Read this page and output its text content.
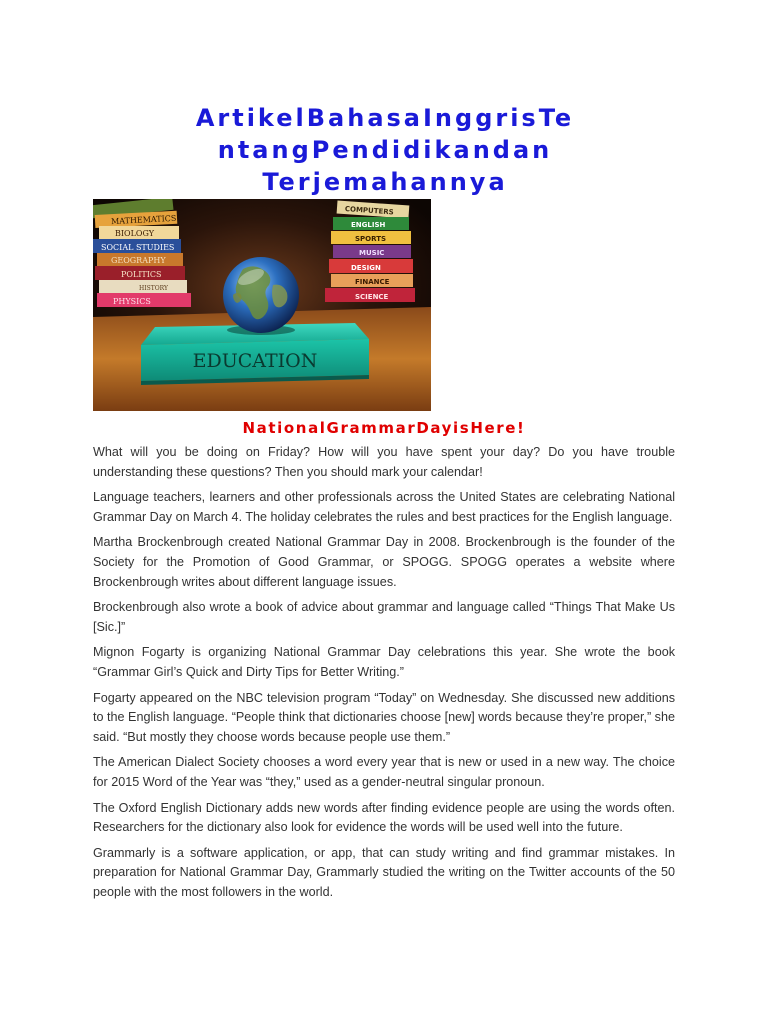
ArtikelBahasaInggrisTe
ntangPendidikandan
Terjemahannya
MATHEMATICS
BIOLOGY
SOCIAL STUDIES
GEOGRAPHY
POLITICS
HISTORY
PHYSICS
COMPUTERS
ENGLISH
SPORTS
MUSIC
DESIGN
FINANCE
SCIENCE
EDUCATION
NationalGrammarDayisHere!

What will you be doing on Friday? How will you have spent your day? Do you have trouble understanding these questions? Then you should mark your calendar!

Language teachers, learners and other professionals across the United States are celebrating National Grammar Day on March 4. The holiday celebrates the rules and best practices for the English language.

Martha Brockenbrough created National Grammar Day in 2008. Brockenbrough is the founder of the Society for the Promotion of Good Grammar, or SPOGG. SPOGG operates a website where Brockenbrough writes about different language issues.

Brockenbrough also wrote a book of advice about grammar and language called “Things That Make Us [Sic.]”

Mignon Fogarty is organizing National Grammar Day celebrations this year. She wrote the book “Grammar Girl’s Quick and Dirty Tips for Better Writing.”

Fogarty appeared on the NBC television program “Today” on Wednesday. She discussed new additions to the English language. “People think that dictionaries choose [new] words because they’re proper,” she said. “But mostly they choose words because people use them.”

The American Dialect Society chooses a word every year that is new or used in a new way. The choice for 2015 Word of the Year was “they,” used as a gender-neutral singular pronoun.

The Oxford English Dictionary adds new words after finding evidence people are using the words often. Researchers for the dictionary also look for evidence the words will be used well into the future.

Grammarly is a software application, or app, that can study writing and find grammar mistakes. In preparation for National Grammar Day, Grammarly studied the writing on the Twitter accounts of the 50 people with the most followers in the world.
